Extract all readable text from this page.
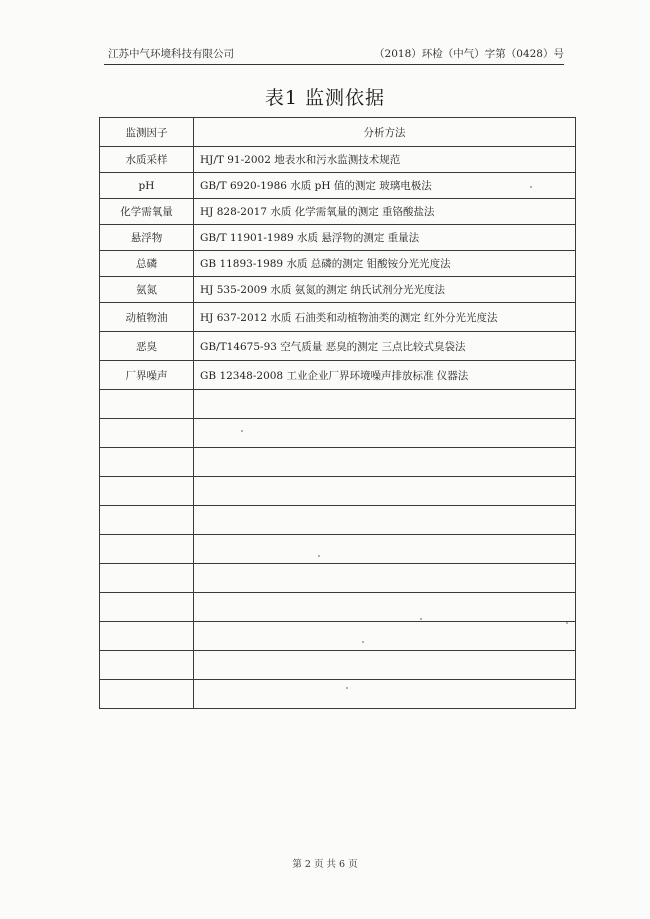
江苏中气环境科技有限公司	（2018）环检（中气）字第（0428）号
表1 监测依据
监测因子	分析方法
水质采样	HJ/T 91-2002 地表水和污水监测技术规范
pH	GB/T 6920-1986 水质 pH 值的测定 玻璃电极法
化学需氧量	HJ 828-2017 水质 化学需氧量的测定 重铬酸盐法
悬浮物	GB/T 11901-1989 水质 悬浮物的测定 重量法
总磷	GB 11893-1989 水质 总磷的测定 钼酸铵分光光度法
氨氮	HJ 535-2009 水质 氨氮的测定 纳氏试剂分光光度法
动植物油	HJ 637-2012 水质 石油类和动植物油类的测定 红外分光光度法
恶臭	GB/T14675-93 空气质量 恶臭的测定 三点比较式臭袋法
厂界噪声	GB 12348-2008 工业企业厂界环境噪声排放标准 仪器法

第 2 页 共 6 页
